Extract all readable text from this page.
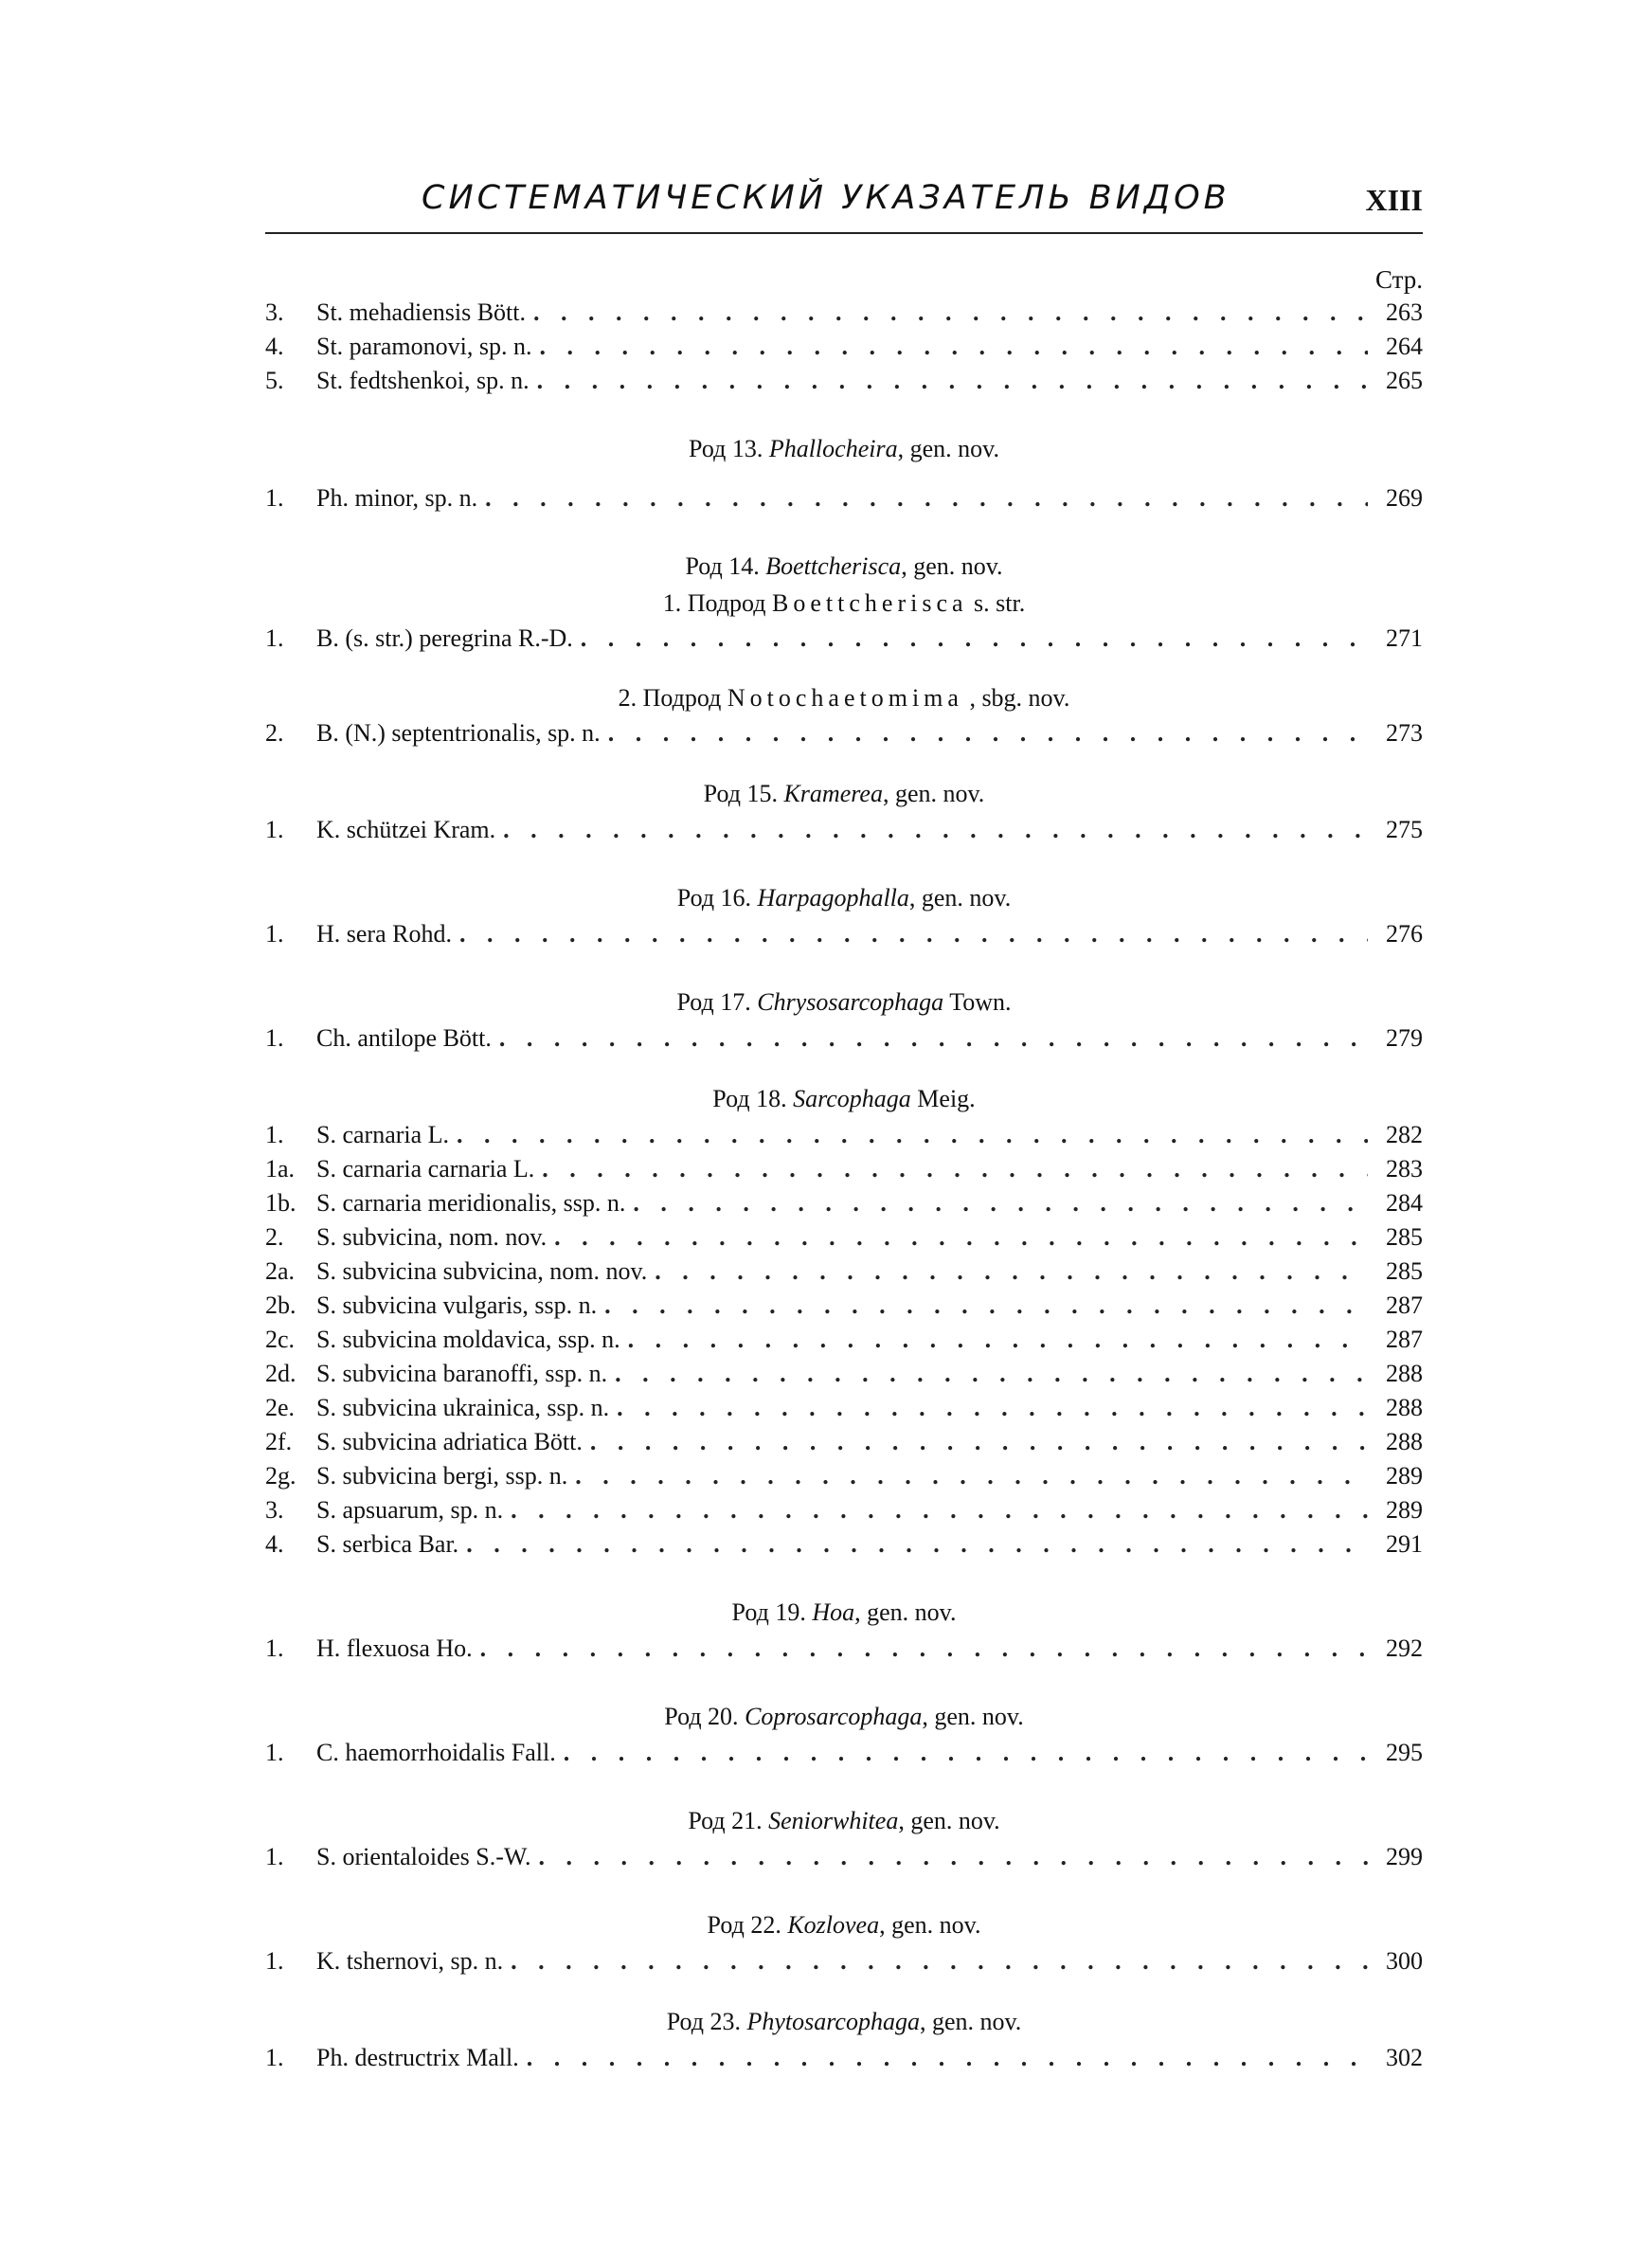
СИСТЕМАТИЧЕСКИЙ УКАЗАТЕЛЬ ВИДОВ	XIII
Стр.
3.	St. mehadiensis Bött. . . .	263
4.	St. paramonovi, sp. n. . . .	264
5.	St. fedtshenkoi, sp. n. . . .	265
Род 13. Phallocheira, gen. nov.
1.	Ph. minor, sp. n. . . .	269
Род 14. Boettcherisca, gen. nov.
1. Подрод Boettcherisca s. str.
1.	B. (s. str.) peregrina R.-D. . . .	271
2. Подрод Notochaetomima , sbg. nov.
2.	B. (N.) septentrionalis, sp. n. . . .	273
Род 15. Kramerea, gen. nov.
1.	K. schützei Kram. . . .	275
Род 16. Harpagophalla, gen. nov.
1.	H. sera Rohd. . . .	276
Род 17. Chrysosarcophaga Town.
1.	Ch. antilope Bött. . . .	279
Род 18. Sarcophaga Meig.
1.	S. carnaria L. . . .	282
1a. S. carnaria carnaria L. . . .	283
1b. S. carnaria meridionalis, ssp. n. . . .	284
2.	S. subvicina, nom. nov. . . .	285
2a. S. subvicina subvicina, nom. nov. . . .	285
2b. S. subvicina vulgaris, ssp. n. . . .	287
2c. S. subvicina moldavica, ssp. n. . . .	287
2d. S. subvicina baranoffi, ssp. n. . . .	288
2e. S. subvicina ukrainica, ssp. n. . . .	288
2f. S. subvicina adriatica Bött. . . .	288
2g. S. subvicina bergi, ssp. n. . . .	289
3.	S. apsuarum, sp. n. . . .	289
4.	S. serbica Bar. . . .	291
Род 19. Hoa, gen. nov.
1.	H. flexuosa Ho. . . .	292
Род 20. Coprosarcophaga, gen. nov.
1.	C. haemorrhoidalis Fall. . . .	295
Род 21. Seniorwhitea, gen. nov.
1.	S. orientaloides S.-W. . . .	299
Род 22. Kozlovea, gen. nov.
1.	K. tshernovi, sp. n. . . .	300
Род 23. Phytosarcophaga, gen. nov.
1.	Ph. destructrix Mall. . . .	302
